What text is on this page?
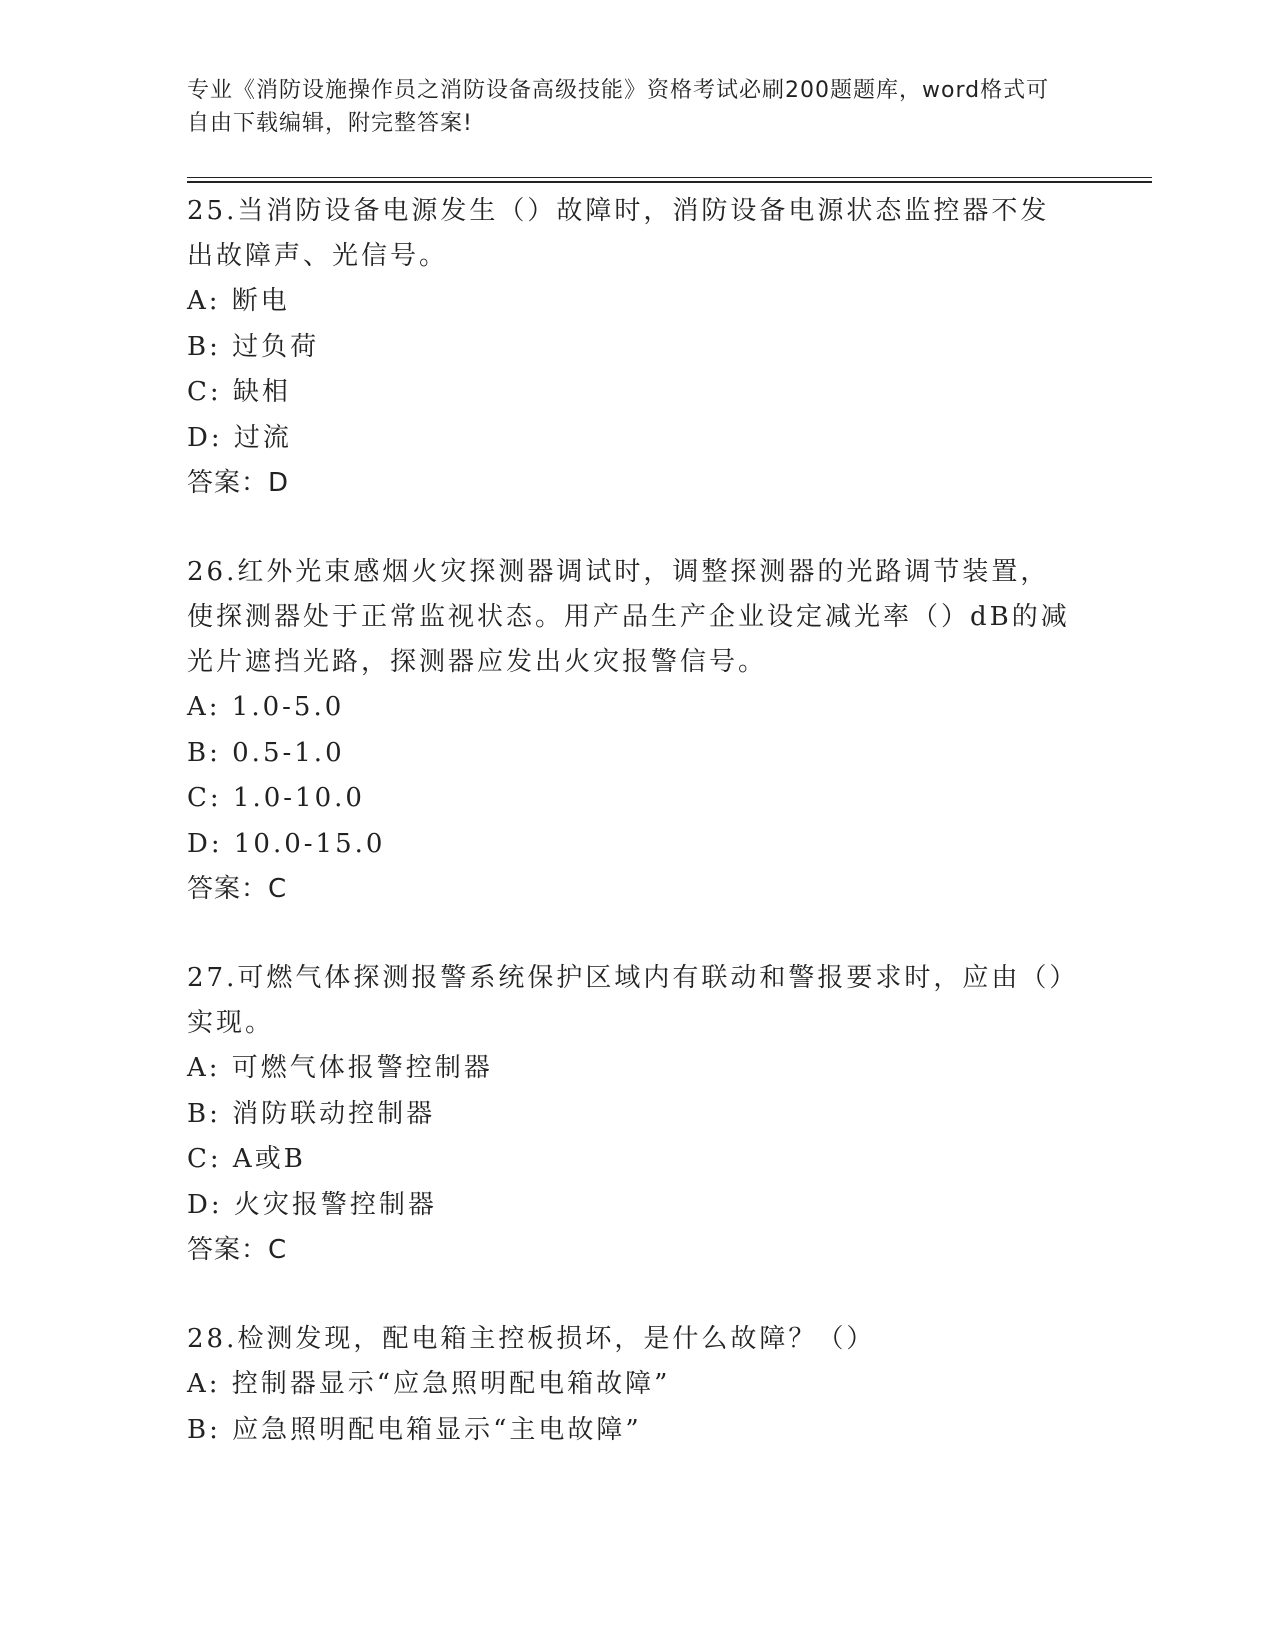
专业《消防设施操作员之消防设备高级技能》资格考试必刷200题题库，word格式可自由下载编辑，附完整答案!

25.当消防设备电源发生（）故障时，消防设备电源状态监控器不发出故障声、光信号。

A: 断电

B: 过负荷

C: 缺相

D: 过流

答案：D

26.红外光束感烟火灾探测器调试时，调整探测器的光路调节装置，使探测器处于正常监视状态。用产品生产企业设定减光率（）dB的减光片遮挡光路，探测器应发出火灾报警信号。

A: 1.0-5.0

B: 0.5-1.0

C: 1.0-10.0

D: 10.0-15.0

答案：C

27.可燃气体探测报警系统保护区域内有联动和警报要求时，应由（）实现。

A: 可燃气体报警控制器

B: 消防联动控制器

C: A或B

D: 火灾报警控制器

答案：C

28.检测发现，配电箱主控板损坏，是什么故障？（）

A: 控制器显示“应急照明配电箱故障”

B: 应急照明配电箱显示“主电故障”
